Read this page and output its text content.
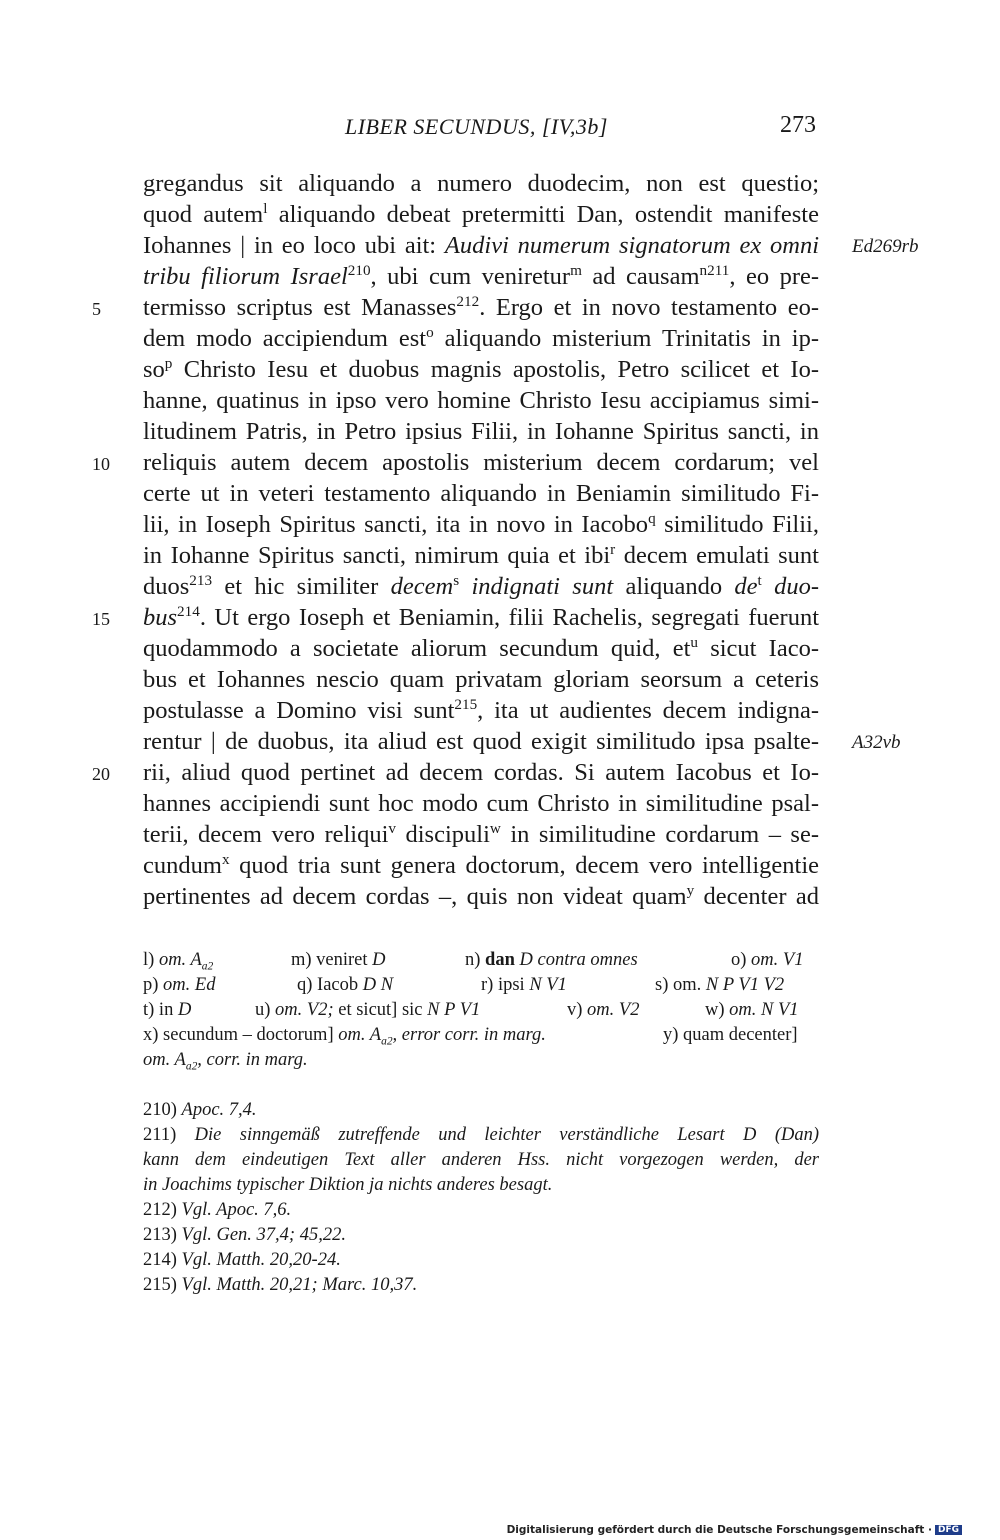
LIBER SECUNDUS, [IV,3b]	273
gregandus sit aliquando a numero duodecim, non est questio;
quod autem$^l$ aliquando debeat pretermitti Dan, ostendit manifeste
Iohannes | in eo loco ubi ait: Audivi numerum signatorum ex omni
tribu filiorum Israel$^{210}$, ubi cum veniretur$^m$ ad causam$^{n211}$, eo pre-
termisso scriptus est Manasses$^{212}$. Ergo et in novo testamento eo-
dem modo accipiendum est$^o$ aliquando misterium Trinitatis in ip-
$so^p$ Christo Iesu et duobus magnis apostolis, Petro scilicet et Io-
hanne, quatinus in ipso vero homine Christo Iesu accipiamus simi-
litudinem Patris, in Petro ipsius Filii, in Iohanne Spiritus sancti, in
reliquis autem decem apostolis misterium decem cordarum; vel
certe ut in veteri testamento aliquando in Beniamin similitudo Fi-
lii, in Ioseph Spiritus sancti, ita in novo in Iacobo$^q$ similitudo Filii,
in Iohanne Spiritus sancti, nimirum quia et ibi$^r$ decem emulati sunt
duos$^{213}$ et hic similiter decem$^s$ indignati sunt aliquando $de^t$ duo-
bus$^{214}$. Ut ergo Ioseph et Beniamin, filii Rachelis, segregati fuerunt
quodammodo a societate aliorum secundum quid, $et^u$ sicut Iaco-
bus et Iohannes nescio quam privatam gloriam seorsum a ceteris
postulasse a Domino visi sunt$^{215}$, ita ut audientes decem indigna-
rentur | de duobus, ita aliud est quod exigit similitudo ipsa psalte-
rii, aliud quod pertinet ad decem cordas. Si autem Iacobus et Io-
hannes accipiendi sunt hoc modo cum Christo in similitudine psal-
terii, decem vero reliqui$^v$ discipuli$^w$ in similitudine cordarum – se-
cundum$^x$ quod tria sunt genera doctorum, decem vero intelligentie
pertinentes ad decem cordas –, quis non videat quam$^y$ decenter ad
5
10
15
20
Ed269rb
A32vb
l) om. $A_{a2}$	m) veniret D	n) dan D contra omnes	o) om. V1
p) om. Ed	q) Iacob D N	r) ipsi N V1	s) om. N P V1 V2
t) in D	u) om. V2; et sicut] sic N P V1	v) om. V2	w) om. N V1
x) secundum – doctorum] om. $A_{a2}$, error corr. in marg.	y) quam decenter]
om. $A_{a2}$, corr. in marg.
210) Apoc. 7,4.
211) Die sinngemäß zutreffende und leichter verständliche Lesart D (Dan)
kann dem eindeutigen Text aller anderen Hss. nicht vorgezogen werden, der
in Joachims typischer Diktion ja nichts anderes besagt.
212) Vgl. Apoc. 7,6.
213) Vgl. Gen. 37,4; 45,22.
214) Vgl. Matth. 20,20-24.
215) Vgl. Matth. 20,21; Marc. 10,37.
Digitalisierung gefördert durch die Deutsche Forschungsgemeinschaft · DFG
